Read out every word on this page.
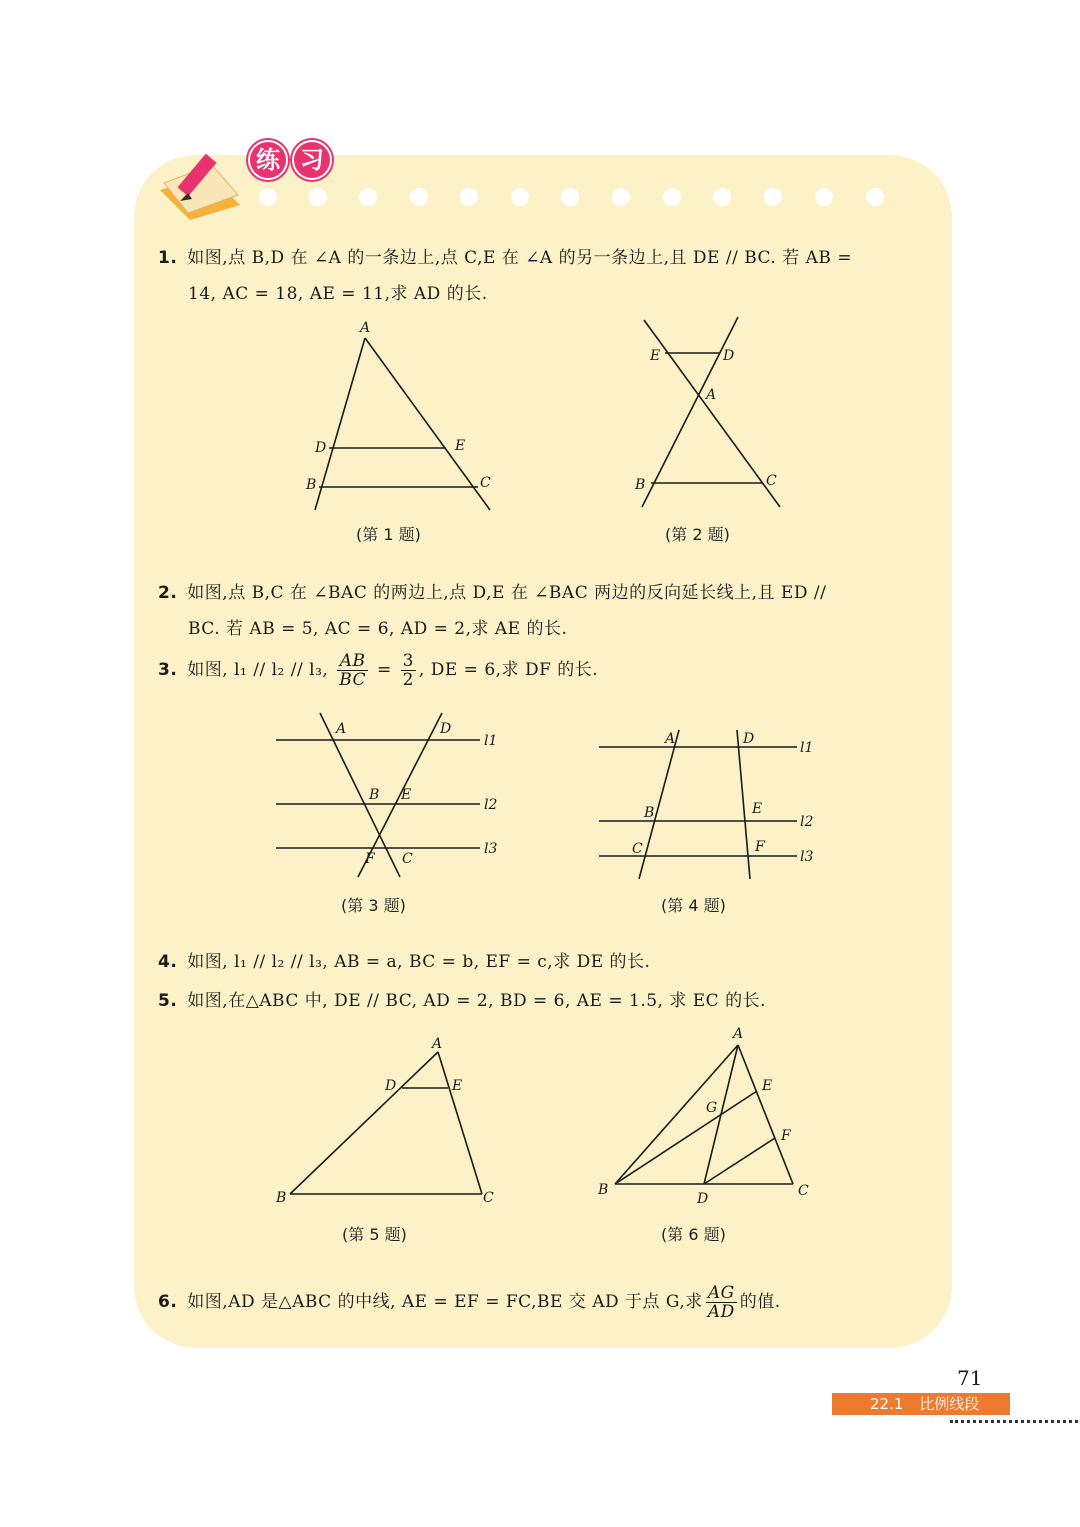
练 习
1. 如图,点 B,D 在 ∠A 的一条边上,点 C,E 在 ∠A 的另一条边上,且 DE // BC. 若 AB =
14, AC = 18, AE = 11,求 AD 的长.
A
D	E
B	C
(第 1 题)
E	D
A
B	C
(第 2 题)
2. 如图,点 B,C 在 ∠BAC 的两边上,点 D,E 在 ∠BAC 两边的反向延长线上,且 ED //
BC. 若 AB = 5, AC = 6, AD = 2,求 AE 的长.
3. 如图, l₁ // l₂ // l₃, $\frac{AB}{BC} = \frac{3}{2}$ , DE = 6,求 DF 的长.
A	D
B E
F C
l1
l2
l3
(第 3 题)
A	D
B	E
C	F
l1
l2
l3
(第 4 题)
4. 如图, l₁ // l₂ // l₃, AB = a, BC = b, EF = c,求 DE 的长.
5. 如图,在△ABC 中, DE // BC, AD = 2, BD = 6, AE = 1.5, 求 EC 的长.
A
D	E
B	C
(第 5 题)
A
E
G
F
B
D	C
(第 6 题)
6. 如图,AD 是△ABC 的中线, AE = EF = FC,BE 交 AD 于点 G,求 $\frac{AG}{AD}$ 的值.
71
22.1 比例线段
